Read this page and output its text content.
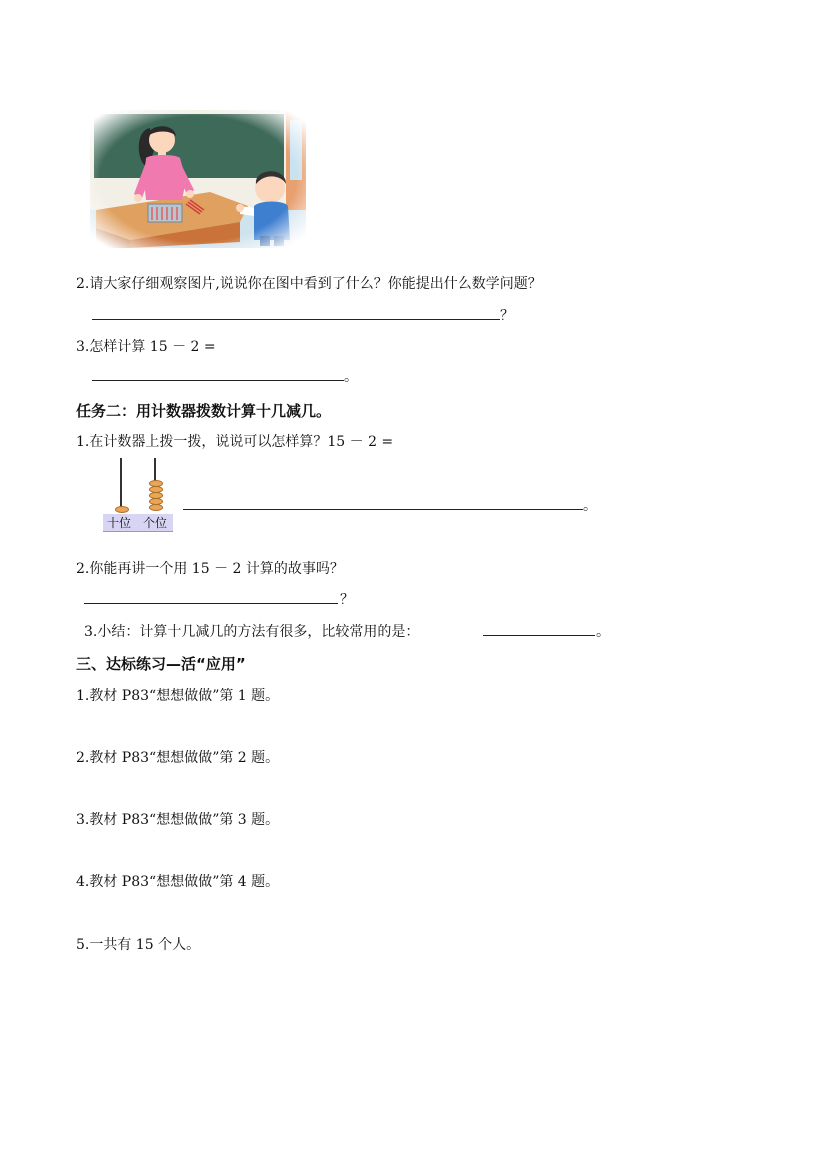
2.请大家仔细观察图片,说说你在图中看到了什么？你能提出什么数学问题？
？
3.怎样计算 15 － 2 =
。
任务二：用计数器拨数计算十几减几。
1.在计数器上拨一拨，说说可以怎样算？15 － 2 =
十位 个位
。
2.你能再讲一个用 15 － 2 计算的故事吗？
？
3.小结：计算十几减几的方法有很多，比较常用的是：	。
三、达标练习—活“应用”
1.教材 P83“想想做做”第 1 题。
2.教材 P83“想想做做”第 2 题。
3.教材 P83“想想做做”第 3 题。
4.教材 P83“想想做做”第 4 题。
5.一共有 15 个人。
